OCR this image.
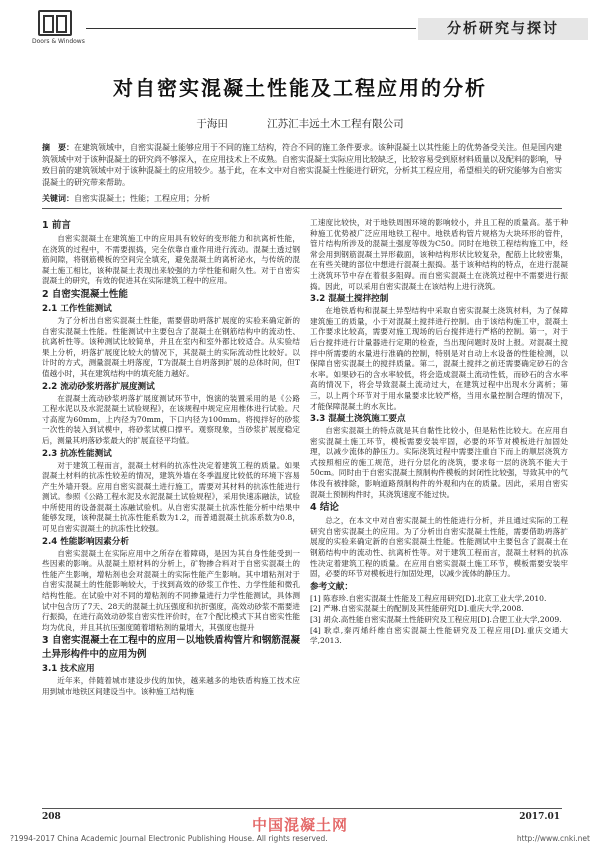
Doors & Windows
分析研究与探讨
对自密实混凝土性能及工程应用的分析
于海田	江苏汇丰远土木工程有限公司
摘　要：在建筑领域中，自密实混凝土能够应用于不同的施工结构，符合不同的施工条件要求。该种混凝土以其性能上的优势备受关注。但是国内建筑领域中对于该种混凝土的研究尚不够深入，在应用技术上不成熟。自密实混凝土实际应用比较缺乏，比较容易受到原材料质量以及配料的影响，导致目前的建筑领域中对于该种混凝土的应用较少。基于此，在本文中对自密实混凝土性能进行研究，分析其工程应用，希望相关的研究能够为自密实混凝土的研究带来帮助。
关键词：自密实混凝土；性能；工程应用；分析
1 前言

自密实混凝土在建筑施工中的应用具有较好的变形能力和抗离析性能，在浇筑的过程中，不需要振捣，完全依靠自重作用进行流动。混凝土透过钢筋间隙，将钢筋模板的空间完全填充，避免混凝土的离析泌水，与传统的混凝土施工相比，该种混凝土表现出来较强的力学性能和耐久性。对于自密实混凝土的研究，有效的促进其在实际建筑工程中的应用。

2 自密实混凝土性能
2.1 工作性能测试

为了分析出自密实混凝土性能，需要借助坍落扩展度的实验来确定新的自密实混凝土性能。性能测试中主要包含了混凝土在钢筋结构中的流动性、抗离析性等。该种测试比较简单，并且在室内和室外都比较适合。从实验结果上分析，坍落扩展度比较大的情况下，其混凝土的实际流动性比较好。以计时的方式，测量混凝土坍落度，T为混凝土自坍落到扩展的总体时间，但T值越小时，其在建筑结构中的填充能力越好。

2.2 流动砂浆坍落扩展度测试

在混凝土流动砂浆坍落扩展度测试环节中，饱演的装置采用的是《公路工程水泥以及水泥混凝土试验规程》，在该规程中规定应用椎体进行试验。尺寸高度为60mm，上内径为70mm，下口内径为100mm。将搅拌好的砂浆一次性的装入到试模中，将砂浆试模口撑平。观察现象，当砂浆扩展度稳定后，测量其坍落砂浆最大的扩展直径平均值。

2.3 抗冻性能测试

对于建筑工程而言，混凝土材料的抗冻性决定着建筑工程的质量。如果混凝土材料的抗冻性较差的情况，建筑外墙在冬季温度比较低的环境下容易产生外墙开裂。应用自密实混凝土进行施工，需要对其材料的抗冻性能进行测试。参照《公路工程水泥及水泥混凝土试验规程》，采用快速冻融法，试验中所使用的设备混凝土冻融试验机。从自密实混凝土抗冻性能分析中结果中能够发现，该种混凝土抗冻性能系数为1.2，而普通混凝土抗冻系数为0.8，可见自密实混凝土的抗冻性比较强。

2.4 性能影响因素分析

自密实混凝土在实际应用中之所存在着障碍，是因为其自身性能受到一些因素的影响。从混凝土原材料的分析上，矿物掺合料对于自密实混凝土的性能产生影响，增粘剂也会对混凝土的实际性能产生影响。其中增粘剂对于自密实混凝土的性能影响较大，于找到高效的砂浆工作性、力学性能和微孔结构性能。在试验中对不同的增粘剂的不同掺量进行力学性能测试，具体测试中包含历了7天、28天的混凝土抗压强度和抗折强度，高效动砂浆不需要进行振捣，在进行高效动砂浆自密实性评价时，在7个配比模式下其自密实性能均为优良，并且其抗压强度随着增粘剂的量增大，其强度也提升

3 自密实混凝土在工程中的应用－以地铁盾构管片和钢筋混凝土异形构件中的应用为例
3.1 技术应用

近年来，伴随着城市建设步伐的加快，越来越多的地铁盾构施工技术应用到城市地铁区间建设当中。该种施工结构施

工速度比较快，对于地铁周围环境的影响较小，并且工程的质量高。基于种种施工优势被广泛应用地铁工程中。地铁盾构管片规格为大块环形的管件，管片结构所涉及的混凝土强度等级为C50。同时在地铁工程结构施工中，经常会用到钢筋混凝土异形截面，该种结构形状比较复杂，配筋上比较密集，在有些关键的部位中想进行混凝土振捣。基于该种结构的特点，在进行混凝土浇筑环节中存在着很多阻碍。而自密实混凝土在浇筑过程中不需要进行振捣。因此，可以采用自密实混凝土在该结构上进行浇筑。

3.2 混凝土搅拌控制

在地铁盾构和混凝土异型结构中采取自密实混凝土浇筑材料，为了保障建筑施工的质量，小于对混凝土搅拌进行控制。由于该结构施工中，混凝土工作要求比较高，需要对施工现场的后台搅拌进行严格的控制。第一，对于后台搅拌进行计量器进行定期的检查，当出现问题时及时上报。对混凝土搅拌中所需要的水量进行准确的控制，特别是对自动上水设备的性能检测，以保障自密实混凝土的搅拌质量。第二，混凝土搅拌之前还需要确定砂石的含水率。如果砂石的含水率较低，将会造成混凝土流动性低，而砂石的含水率高的情况下，将会导致混凝土流动过大，在建筑过程中出现水分离析；第三，以上两个环节对于用水量要求比较严格，当用水量控制合理的情况下，才能保障混凝土的水灰比。

3.3 混凝土浇筑施工要点

自密实混凝土的特点就是其自黏性比较小，但是粘性比较大。在应用自密实混凝土施工环节，模板需要安装牢固，必要的环节对模板进行加固处理，以减少流体的静压力。实际浇筑过程中需要注重自下而上的顺层浇筑方式按照相应的施工规范，进行分层化的浇筑，要求每一层的浇筑不能大于50cm。同时由于自密实混凝土预制构件模板的封闭性比较强，导致其中的气体没有被排除，影响道路预制构件的外观和内在的质量。因此，采用自密实混凝土预制构件时，其浇筑速度不能过快。

4 结论

总之，在本文中对自密实混凝土的性能进行分析，并且通过实际的工程研究自密实混凝土的应用。为了分析出自密实混凝土性能，需要借助坍落扩展度的实验来确定新的自密实混凝土性能。性能测试中主要包含了混凝土在钢筋结构中的流动性、抗离析性等。对于建筑工程而言，混凝土材料的抗冻性决定着建筑工程的质量。在应用自密实混凝土施工环节，模板需要安装牢固，必要的环节对模板进行加固处理，以减少流体的静压力。

参考文献：

[1] 陈春珍.自密实混凝土性能及工程应用研究[D].北京工业大学,2010.

[2] 严琳.自密实混凝土的配制及其性能研究[D].重庆大学,2008.

[3] 胡众.高性能自密实混凝土性能研究及工程应用[D].合肥工业大学,2009.

[4] 耿卓,秦丙烯纤维自密实混凝土性能研究及工程应用[D].重庆交通大学,2013.

208	2017.01
中国混凝土网
?1994-2017 China Academic Journal Electronic Publishing House. All rights reserved.	http://www.cnki.net
